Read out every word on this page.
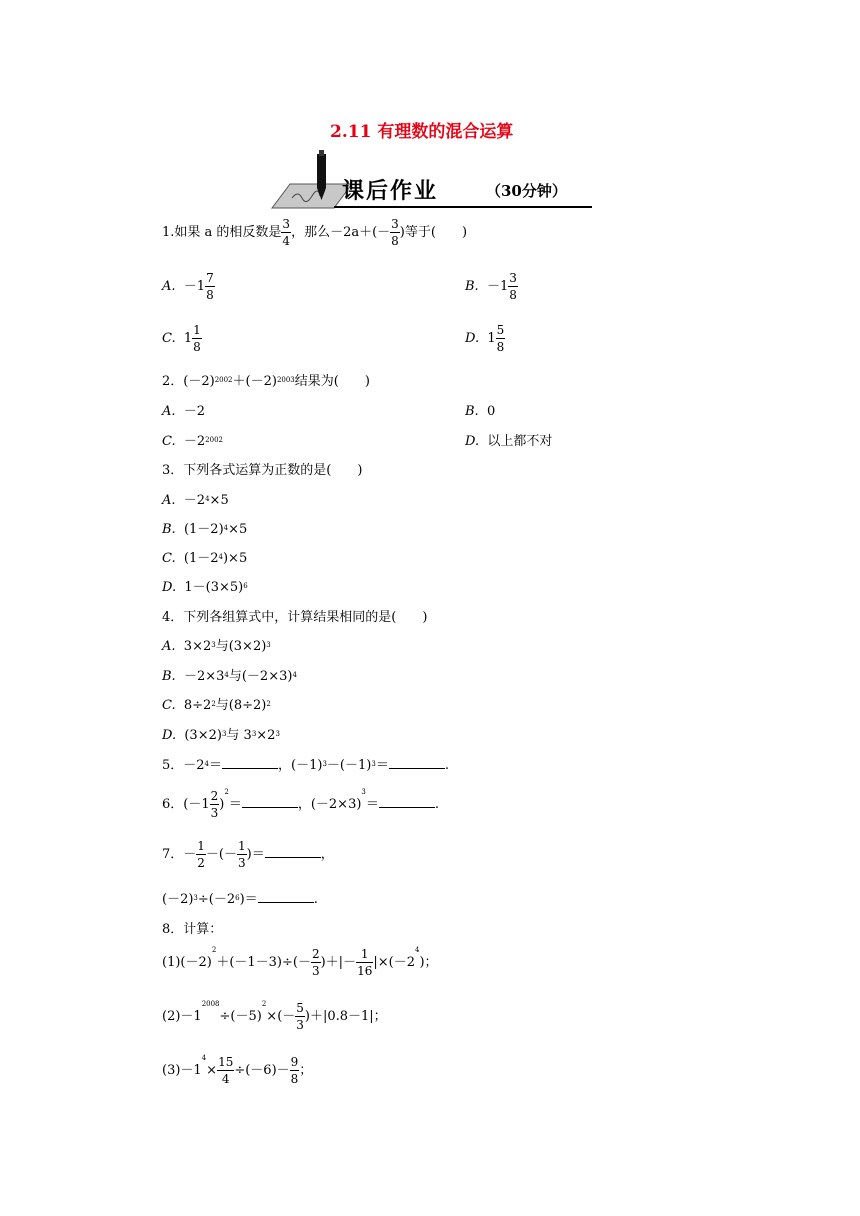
2.11 有理数的混合运算
课后作业	（30分钟）
1.如果 a 的相反数是 $\frac{3}{4}$ ，那么$-2a+(- \frac{3}{8}$ )等于(　　)
A. $-1 \frac{7}{8}$	B. $-1 \frac{3}{8}$
C. $1 \frac{1}{8}$	D. $1 \frac{5}{8}$
2．$(-2)^{2002}+(-2)^{2003}$结果为(　　)
A. －2	B. 0
C. $-2^{2002}$	D. 以上都不对
3．下列各式运算为正数的是(　　)
A. $-2^4\times 5$
B. $(1-2)^4\times 5$
C. $(1-2^4)\times 5$
D. $1-(3\times 5)^6$
4．下列各组算式中，计算结果相同的是(　　)
A. $3\times 2^3$与$(3\times 2)^3$
B. $-2\times 3^4$与$(-2\times 3)^4$
C. $8\div 2^2$与$(8\div 2)^2$
D. $(3\times 2)^3$与 $3^3\times 2^3$
5．$-2^4=$	，$(-1)^3-(-1)^3=$	.
6．$(-1 \frac{2}{3} )^2=$	，$(-2\times 3)^3=$	.
7．－ $\frac{1}{2}$ －(－ $\frac{1}{3}$ )＝	，
$(-2)^3\div(-2^6)=$	.
8．计算：
$(1)(-2)^2+(-1-3)\div(- \frac{2}{3}$ )＋|－ $\frac{1}{16} |\times(-2^4)$；
$(2)-1^{2008}\div(-5)^2\times(- \frac{5}{3} )+|0.8-1|$；
$(3)-1^4\times \frac{15}{4} \div(-6)- \frac{9}{8}$ ；
